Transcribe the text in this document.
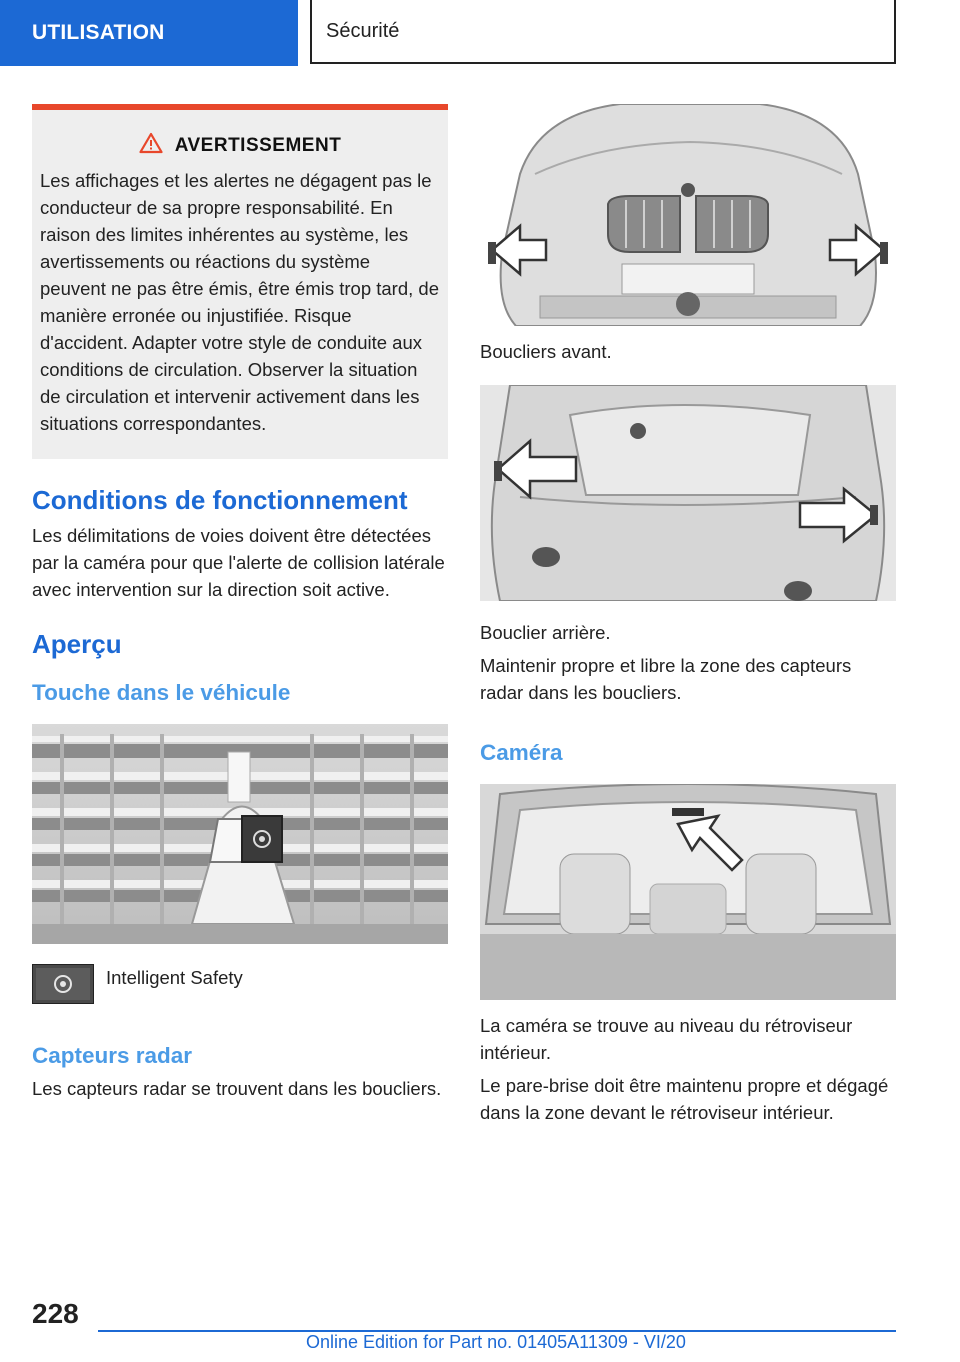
UTILISATION	Sécurité
AVERTISSEMENT
Les affichages et les alertes ne dégagent pas le conducteur de sa propre responsabilité. En raison des limites inhérentes au système, les avertissements ou réactions du système peuvent ne pas être émis, être émis trop tard, de manière erronée ou injustifiée. Risque d'accident. Adapter votre style de conduite aux conditions de circulation. Observer la situation de circulation et intervenir activement dans les situations correspondantes.
Conditions de fonctionnement

Les délimitations de voies doivent être détectées par la caméra pour que l'alerte de collision latérale avec intervention sur la direction soit active.

Aperçu
Touche dans le véhicule
Intelligent Safety
Capteurs radar

Les capteurs radar se trouvent dans les boucliers.

Boucliers avant.

Bouclier arrière.

Maintenir propre et libre la zone des capteurs radar dans les boucliers.

Caméra

La caméra se trouve au niveau du rétroviseur intérieur.

Le pare-brise doit être maintenu propre et dégagé dans la zone devant le rétroviseur intérieur.

228
Online Edition for Part no. 01405A11309 - VI/20
